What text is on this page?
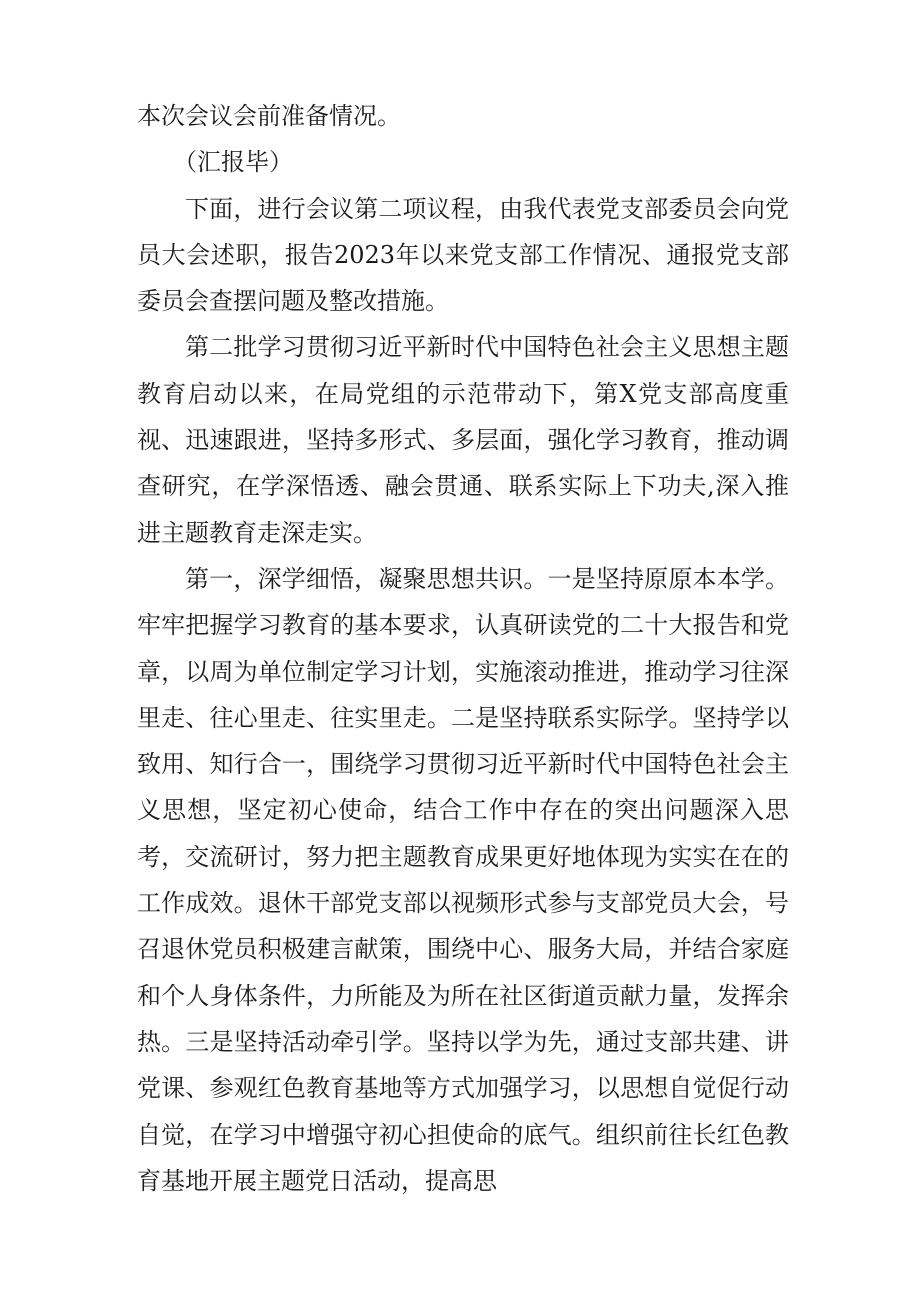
本次会议会前准备情况。

（汇报毕）

下面，进行会议第二项议程，由我代表党支部委员会向党员大会述职，报告2023年以来党支部工作情况、通报党支部委员会查摆问题及整改措施。

第二批学习贯彻习近平新时代中国特色社会主义思想主题教育启动以来，在局党组的示范带动下，第X党支部高度重视、迅速跟进，坚持多形式、多层面，强化学习教育，推动调查研究，在学深悟透、融会贯通、联系实际上下功夫,深入推进主题教育走深走实。

第一，深学细悟，凝聚思想共识。一是坚持原原本本学。牢牢把握学习教育的基本要求，认真研读党的二十大报告和党章，以周为单位制定学习计划，实施滚动推进，推动学习往深里走、往心里走、往实里走。二是坚持联系实际学。坚持学以致用、知行合一，围绕学习贯彻习近平新时代中国特色社会主义思想，坚定初心使命，结合工作中存在的突出问题深入思考，交流研讨，努力把主题教育成果更好地体现为实实在在的工作成效。退休干部党支部以视频形式参与支部党员大会，号召退休党员积极建言献策，围绕中心、服务大局，并结合家庭和个人身体条件，力所能及为所在社区街道贡献力量，发挥余热。三是坚持活动牵引学。坚持以学为先，通过支部共建、讲党课、参观红色教育基地等方式加强学习，以思想自觉促行动自觉，在学习中增强守初心担使命的底气。组织前往长红色教育基地开展主题党日活动，提高思
